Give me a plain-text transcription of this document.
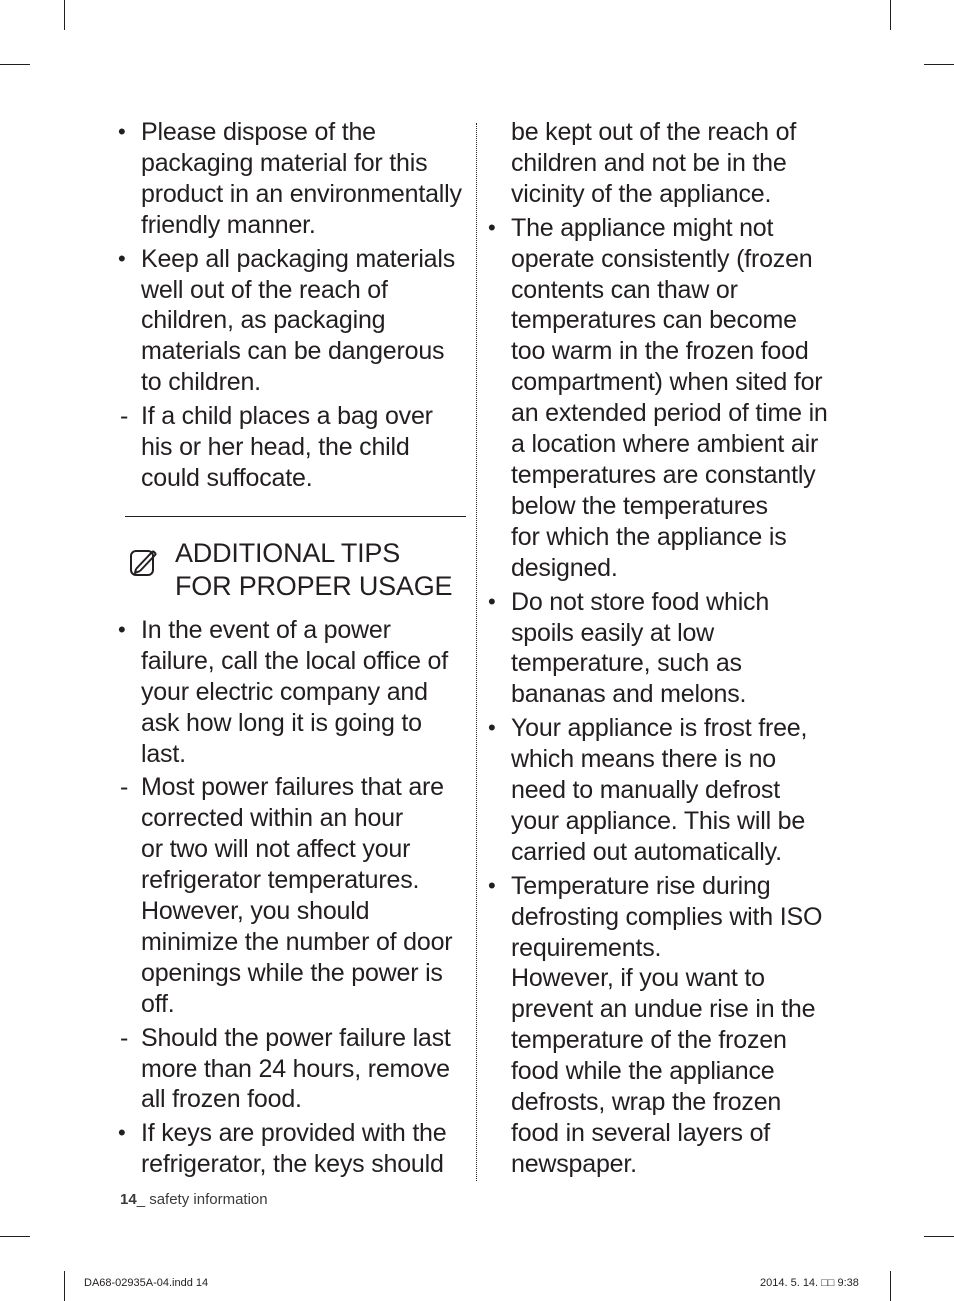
• Please dispose of the
packaging material for this
product in an environmentally
friendly manner.
• Keep all packaging materials
well out of the reach of
children, as packaging
materials can be dangerous
to children.
- If a child places a bag over
his or her head, the child
could suffocate.
ADDITIONAL TIPS
FOR PROPER USAGE
• In the event of a power
failure, call the local office of
your electric company and
ask how long it is going to
last.
- Most power failures that are
corrected within an hour
or two will not affect your
refrigerator temperatures.
However, you should
minimize the number of door
openings while the power is
off.
- Should the power failure last
more than 24 hours, remove
all frozen food.
• If keys are provided with the
refrigerator, the keys should
be kept out of the reach of
children and not be in the
vicinity of the appliance.
• The appliance might not
operate consistently (frozen
contents can thaw or
temperatures can become
too warm in the frozen food
compartment) when sited for
an extended period of time in
a location where ambient air
temperatures are constantly
below the temperatures
for which the appliance is
designed.
• Do not store food which
spoils easily at low
temperature, such as
bananas and melons.
• Your appliance is frost free,
which means there is no
need to manually defrost
your appliance. This will be
carried out automatically.
• Temperature rise during
defrosting complies with ISO
requirements.
However, if you want to
prevent an undue rise in the
temperature of the frozen
food while the appliance
defrosts, wrap the frozen
food in several layers of
newspaper.
14_ safety information
DA68-02935A-04.indd 14	2014. 5. 14. □□ 9:38
